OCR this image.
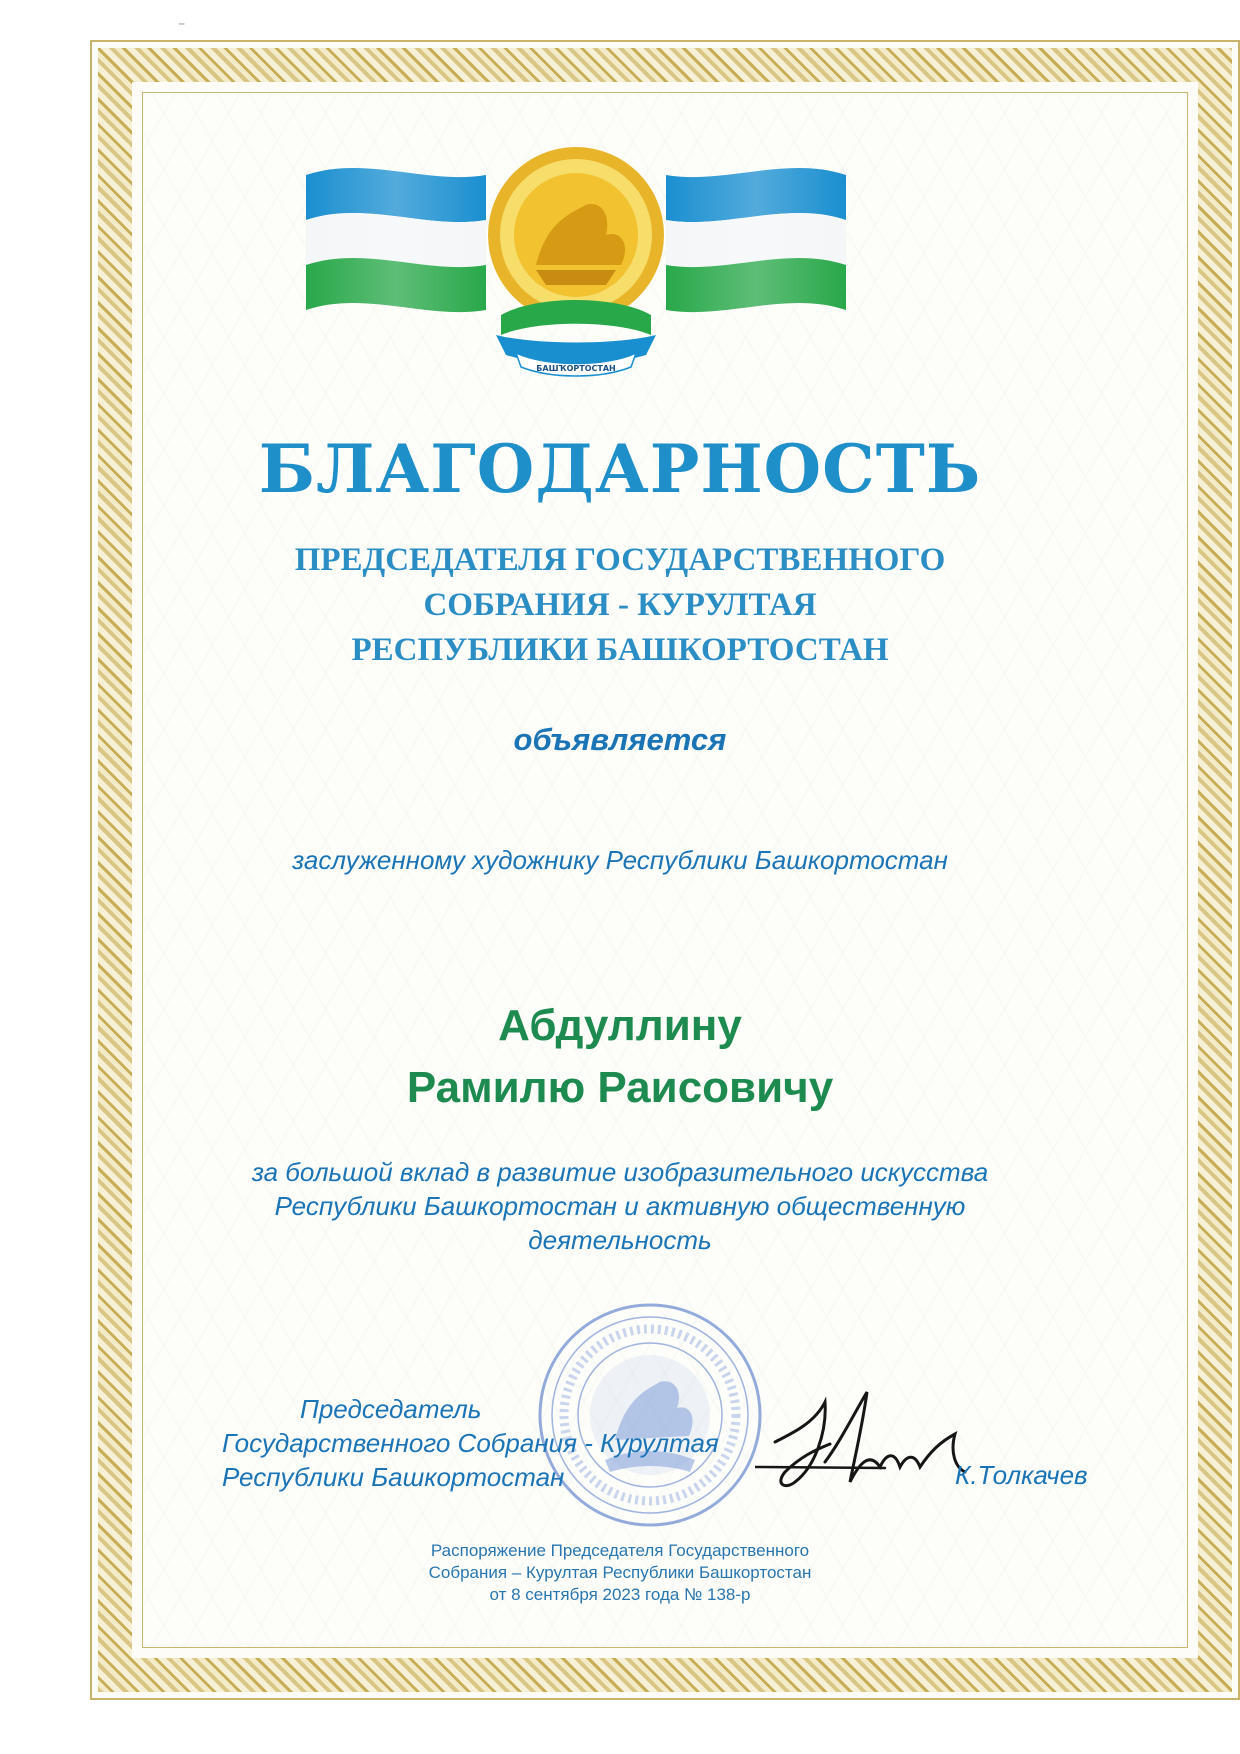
⁻
БАШҠОРТОСТАН
БЛАГОДАРНОСТЬ
ПРЕДСЕДАТЕЛЯ ГОСУДАРСТВЕННОГО
СОБРАНИЯ - КУРУЛТАЯ
РЕСПУБЛИКИ БАШКОРТОСТАН
объявляется
заслуженному художнику Республики Башкортостан
Абдуллину
Рамилю Раисовичу
за большой вклад в развитие изобразительного искусства
Республики Башкортостан и активную общественную
деятельность
Председатель
Государственного Собрания - Курултая
Республики Башкортостан	К.Толкачев
Распоряжение Председателя Государственного
Собрания – Курултая Республики Башкортостан
от 8 сентября 2023 года № 138-р
